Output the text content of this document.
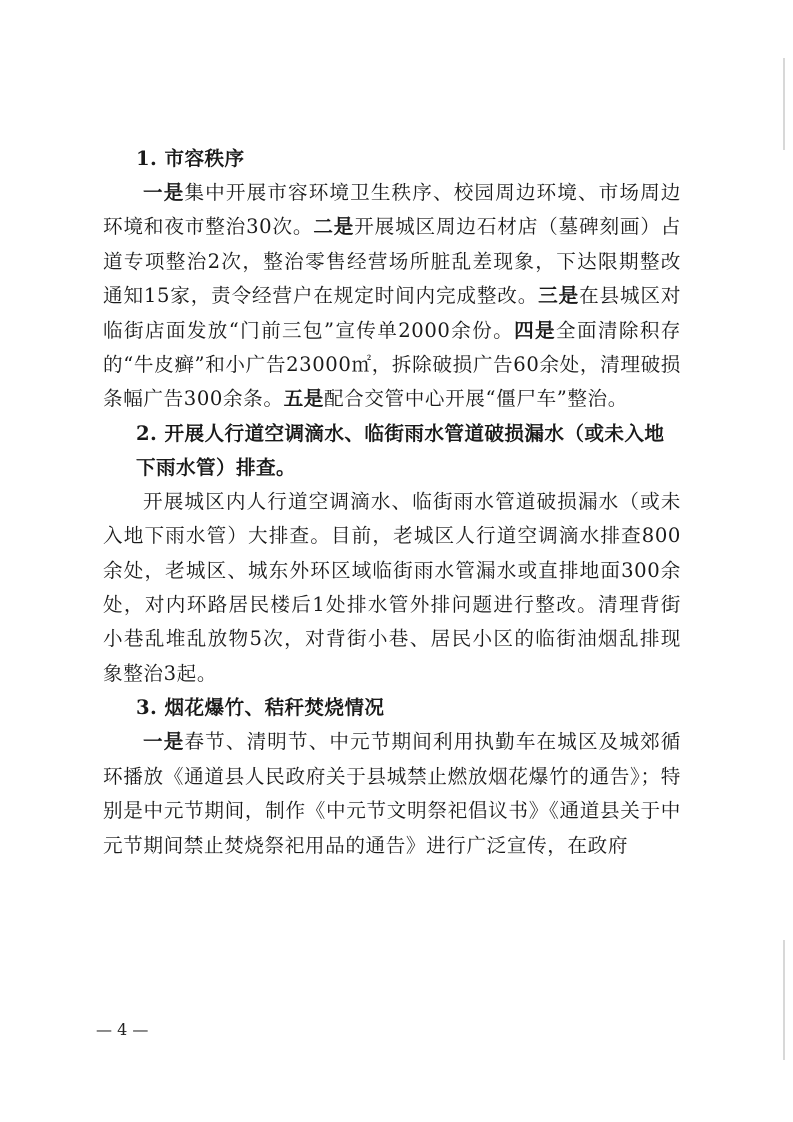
1. 市容秩序

一是集中开展市容环境卫生秩序、校园周边环境、市场周边环境和夜市整治30次。二是开展城区周边石材店（墓碑刻画）占道专项整治2次，整治零售经营场所脏乱差现象，下达限期整改通知15家，责令经营户在规定时间内完成整改。三是在县城区对临街店面发放“门前三包”宣传单2000余份。四是全面清除积存的“牛皮癣”和小广告23000㎡，拆除破损广告60余处，清理破损条幅广告300余条。五是配合交管中心开展“僵尸车”整治。

2. 开展人行道空调滴水、临街雨水管道破损漏水（或未入地下雨水管）排查。

开展城区内人行道空调滴水、临街雨水管道破损漏水（或未入地下雨水管）大排查。目前，老城区人行道空调滴水排查800余处，老城区、城东外环区域临街雨水管漏水或直排地面300余处，对内环路居民楼后1处排水管外排问题进行整改。清理背街小巷乱堆乱放物5次，对背街小巷、居民小区的临街油烟乱排现象整治3起。

3. 烟花爆竹、秸秆焚烧情况

一是春节、清明节、中元节期间利用执勤车在城区及城郊循环播放《通道县人民政府关于县城禁止燃放烟花爆竹的通告》；特别是中元节期间，制作《中元节文明祭祀倡议书》《通道县关于中元节期间禁止焚烧祭祀用品的通告》进行广泛宣传，在政府

— 4 —
